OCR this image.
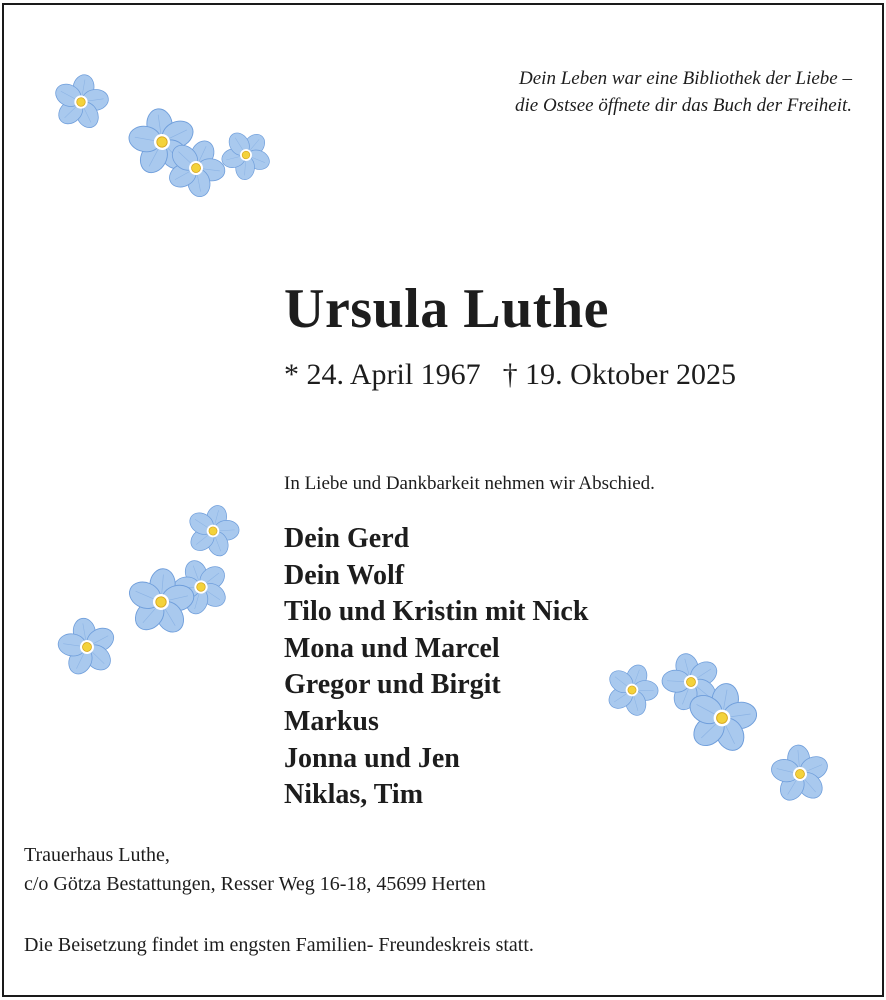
Dein Leben war eine Bibliothek der Liebe –
die Ostsee öffnete dir das Buch der Freiheit.
Ursula Luthe
* 24. April 1967 † 19. Oktober 2025
In Liebe und Dankbarkeit nehmen wir Abschied.
Dein Gerd
Dein Wolf
Tilo und Kristin mit Nick
Mona und Marcel
Gregor und Birgit
Markus
Jonna und Jen
Niklas, Tim
Trauerhaus Luthe,
c/o Götza Bestattungen, Resser Weg 16-18, 45699 Herten
Die Beisetzung findet im engsten Familien- Freundeskreis statt.
